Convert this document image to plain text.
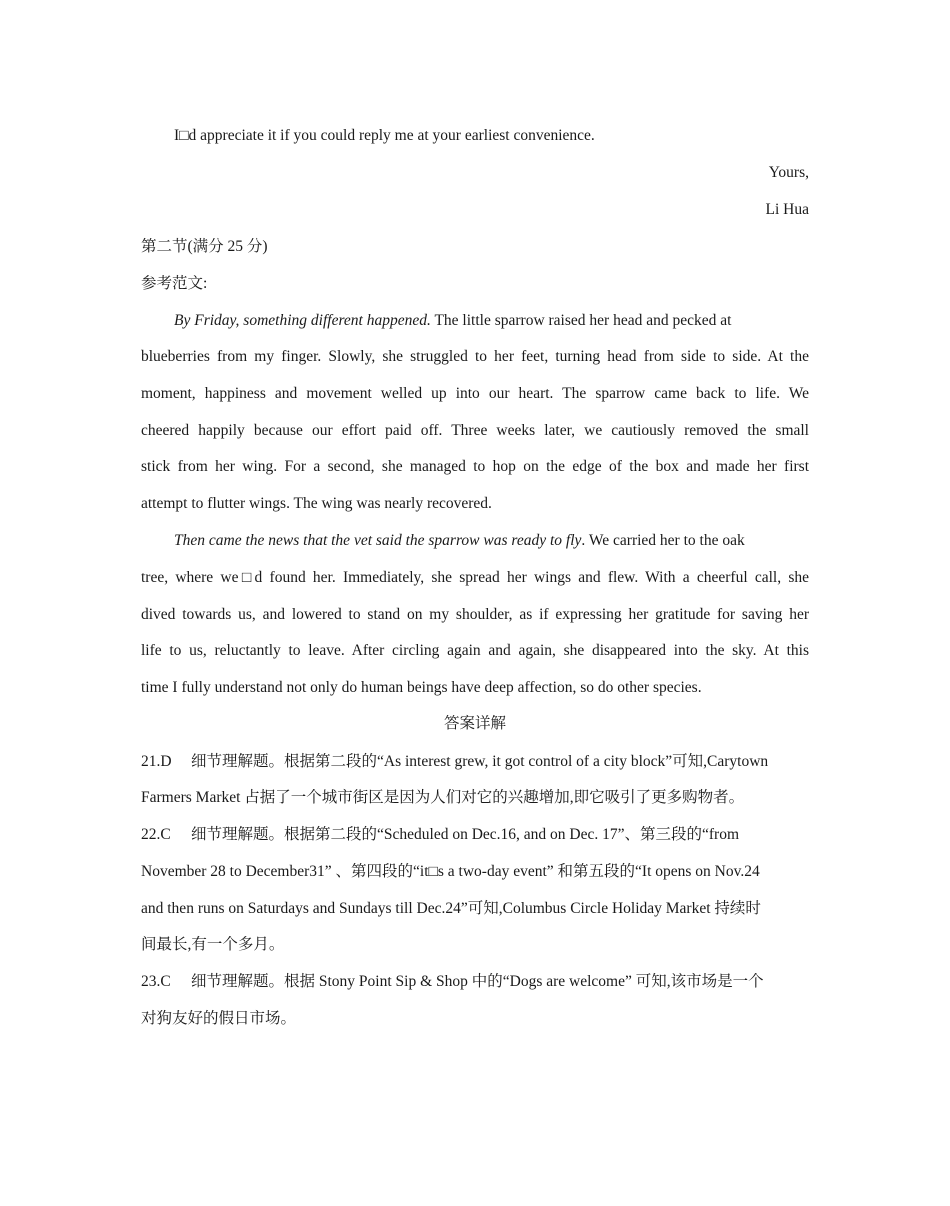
I□d appreciate it if you could reply me at your earliest convenience.
Yours,
Li Hua
第二节(满分 25 分)
参考范文:
By Friday, something different happened. The little sparrow raised her head and pecked at
blueberries from my finger. Slowly, she struggled to her feet, turning head from side to side. At the
moment, happiness and movement welled up into our heart. The sparrow came back to life. We
cheered happily because our effort paid off. Three weeks later, we cautiously removed the small
stick from her wing. For a second, she managed to hop on the edge of the box and made her first
attempt to flutter wings. The wing was nearly recovered.
Then came the news that the vet said the sparrow was ready to fly. We carried her to the oak
tree, where we□d found her. Immediately, she spread her wings and flew. With a cheerful call, she
dived towards us, and lowered to stand on my shoulder, as if expressing her gratitude for saving her
life to us, reluctantly to leave. After circling again and again, she disappeared into the sky. At this
time I fully understand not only do human beings have deep affection, so do other species.
答案详解
21.D 细节理解题。根据第二段的“As interest grew, it got control of a city block”可知,Carytown
Farmers Market 占据了一个城市街区是因为人们对它的兴趣增加,即它吸引了更多购物者。
22.C 细节理解题。根据第二段的“Scheduled on Dec.16, and on Dec. 17”、第三段的“from
November 28 to December31” 、第四段的“it□s a two-day event” 和第五段的“It opens on Nov.24
and then runs on Saturdays and Sundays till Dec.24”可知,Columbus Circle Holiday Market 持续时
间最长,有一个多月。
23.C 细节理解题。根据 Stony Point Sip & Shop 中的“Dogs are welcome” 可知,该市场是一个
对狗友好的假日市场。
